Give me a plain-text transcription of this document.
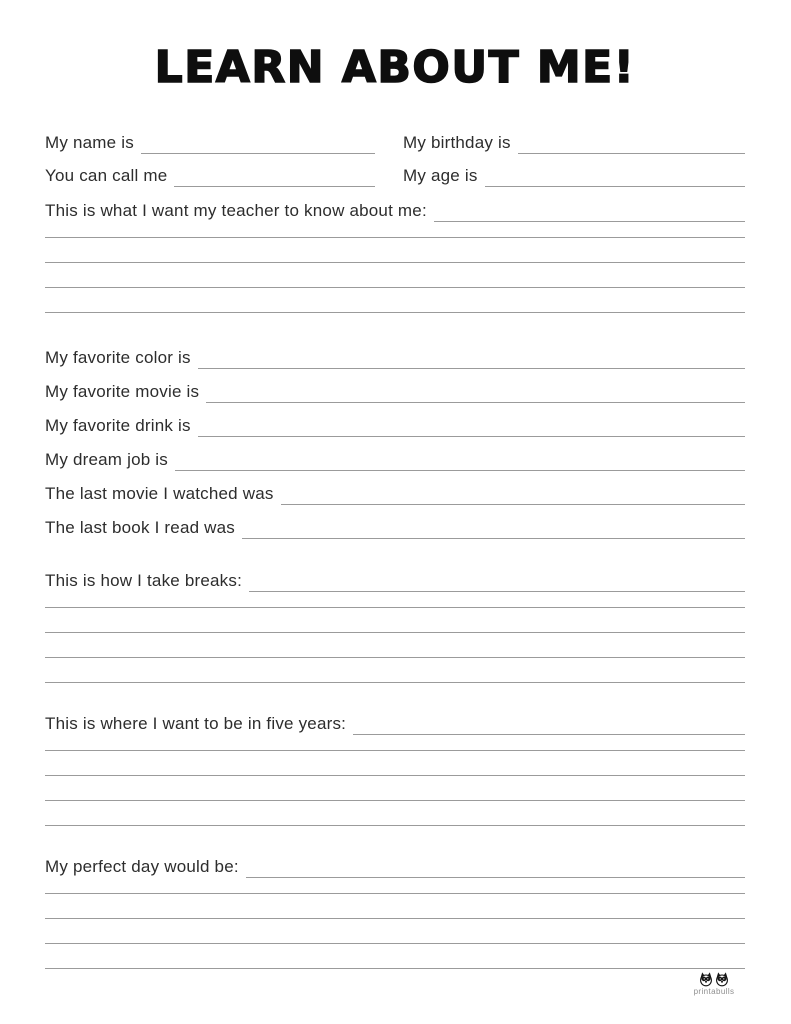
LEARN ABOUT ME!
My name is	My birthday is
You can call me	My age is
This is what I want my teacher to know about me:
My favorite color is
My favorite movie is
My favorite drink is
My dream job is
The last movie I watched was
The last book I read was
This is how I take breaks:
This is where I want to be in five years:
My perfect day would be:
printabulls
